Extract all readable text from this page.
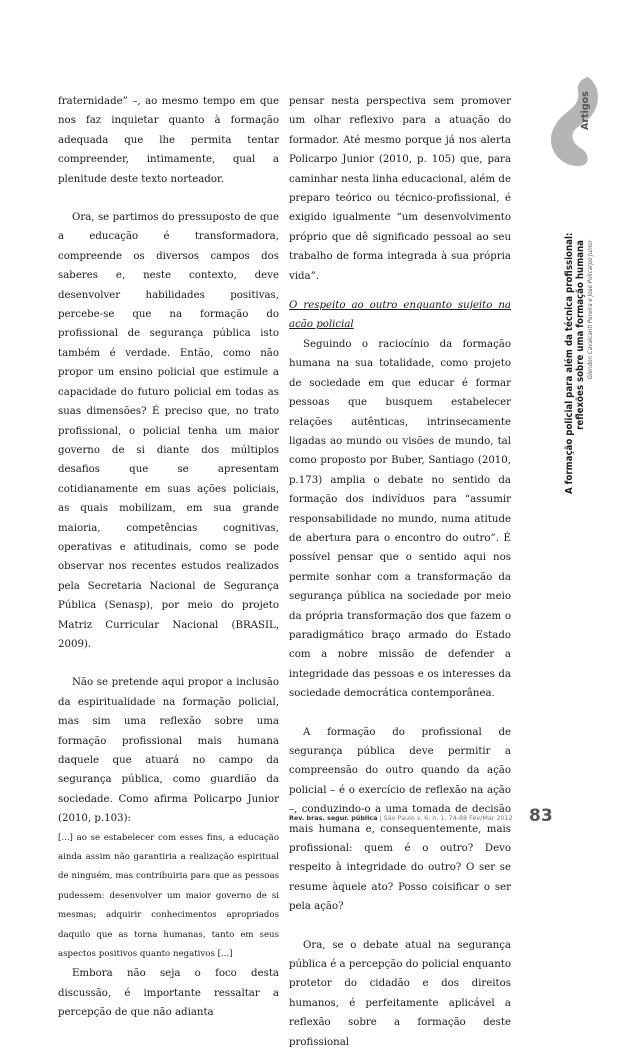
fraternidade” –, ao mesmo tempo em que nos faz inquietar quanto à formação adequada que lhe permita tentar compreender, intimamente, qual a plenitude deste texto norteador.

Ora, se partimos do pressuposto de que a educação é transformadora, compreende os diversos campos dos saberes e, neste contexto, deve desenvolver habilidades positivas, percebe-se que na formação do profissional de segurança pública isto também é verdade. Então, como não propor um ensino policial que estimule a capacidade do futuro policial em todas as suas dimensões? É preciso que, no trato profissional, o policial tenha um maior governo de si diante dos múltiplos desafios que se apresentam cotidianamente em suas ações policiais, as quais mobilizam, em sua grande maioria, competências cognitivas, operativas e atitudinais, como se pode observar nos recentes estudos realizados pela Secretaria Nacional de Segurança Pública (Senasp), por meio do projeto Matriz Curricular Nacional (BRASIL, 2009).

Não se pretende aqui propor a inclusão da espiritualidade na formação policial, mas sim uma reflexão sobre uma formação profissional mais humana daquele que atuará no campo da segurança pública, como guardião da sociedade. Como afirma Policarpo Junior (2010, p.103):

[...] ao se estabelecer com esses fins, a educação ainda assim não garantiria a realização espiritual de ninguém, mas contribuiria para que as pessoas pudessem: desenvolver um maior governo de si mesmas; adquirir conhecimentos apropriados daquilo que as torna humanas, tanto em seus aspectos positivos quanto negativos [...]

Embora não seja o foco desta discussão, é importante ressaltar a percepção de que não adianta

pensar nesta perspectiva sem promover um olhar reflexivo para a atuação do formador. Até mesmo porque já nos alerta Policarpo Junior (2010, p. 105) que, para caminhar nesta linha educacional, além de preparo teórico ou técnico-profissional, é exigido igualmente “um desenvolvimento próprio que dê significado pessoal ao seu trabalho de forma integrada à sua própria vida”.

O respeito ao outro enquanto sujeito na ação policial

Seguindo o raciocínio da formação humana na sua totalidade, como projeto de sociedade em que educar é formar pessoas que busquem estabelecer relações autênticas, intrinsecamente ligadas ao mundo ou visões de mundo, tal como proposto por Buber, Santiago (2010, p.173) amplia o debate no sentido da formação dos indivíduos para “assumir responsabilidade no mundo, numa atitude de abertura para o encontro do outro”. É possível pensar que o sentido aqui nos permite sonhar com a transformação da segurança pública na sociedade por meio da própria transformação dos que fazem o paradigmático braço armado do Estado com a nobre missão de defender a integridade das pessoas e os interesses da sociedade democrática contemporânea.

A formação do profissional de segurança pública deve permitir a compreensão do outro quando da ação policial – é o exercício de reflexão na ação –, conduzindo-o a uma tomada de decisão mais humana e, consequentemente, mais profissional: quem é o outro? Devo respeito à integridade do outro? O ser se resume àquele ato? Posso coisificar o ser pela ação?

Ora, se o debate atual na segurança pública é a percepção do policial enquanto protetor do cidadão e dos direitos humanos, é perfeitamente aplicável a reflexão sobre a formação deste profissional

Artigos
A formação policial para além da técnica profissional: reflexões sobre uma formação humana Glendon Cavalcanti Pereira e José Policarpo Junior
Rev. bras. segur. pública | São Paulo v. 6, n. 1, 74-88 Fev/Mar 2012 83
